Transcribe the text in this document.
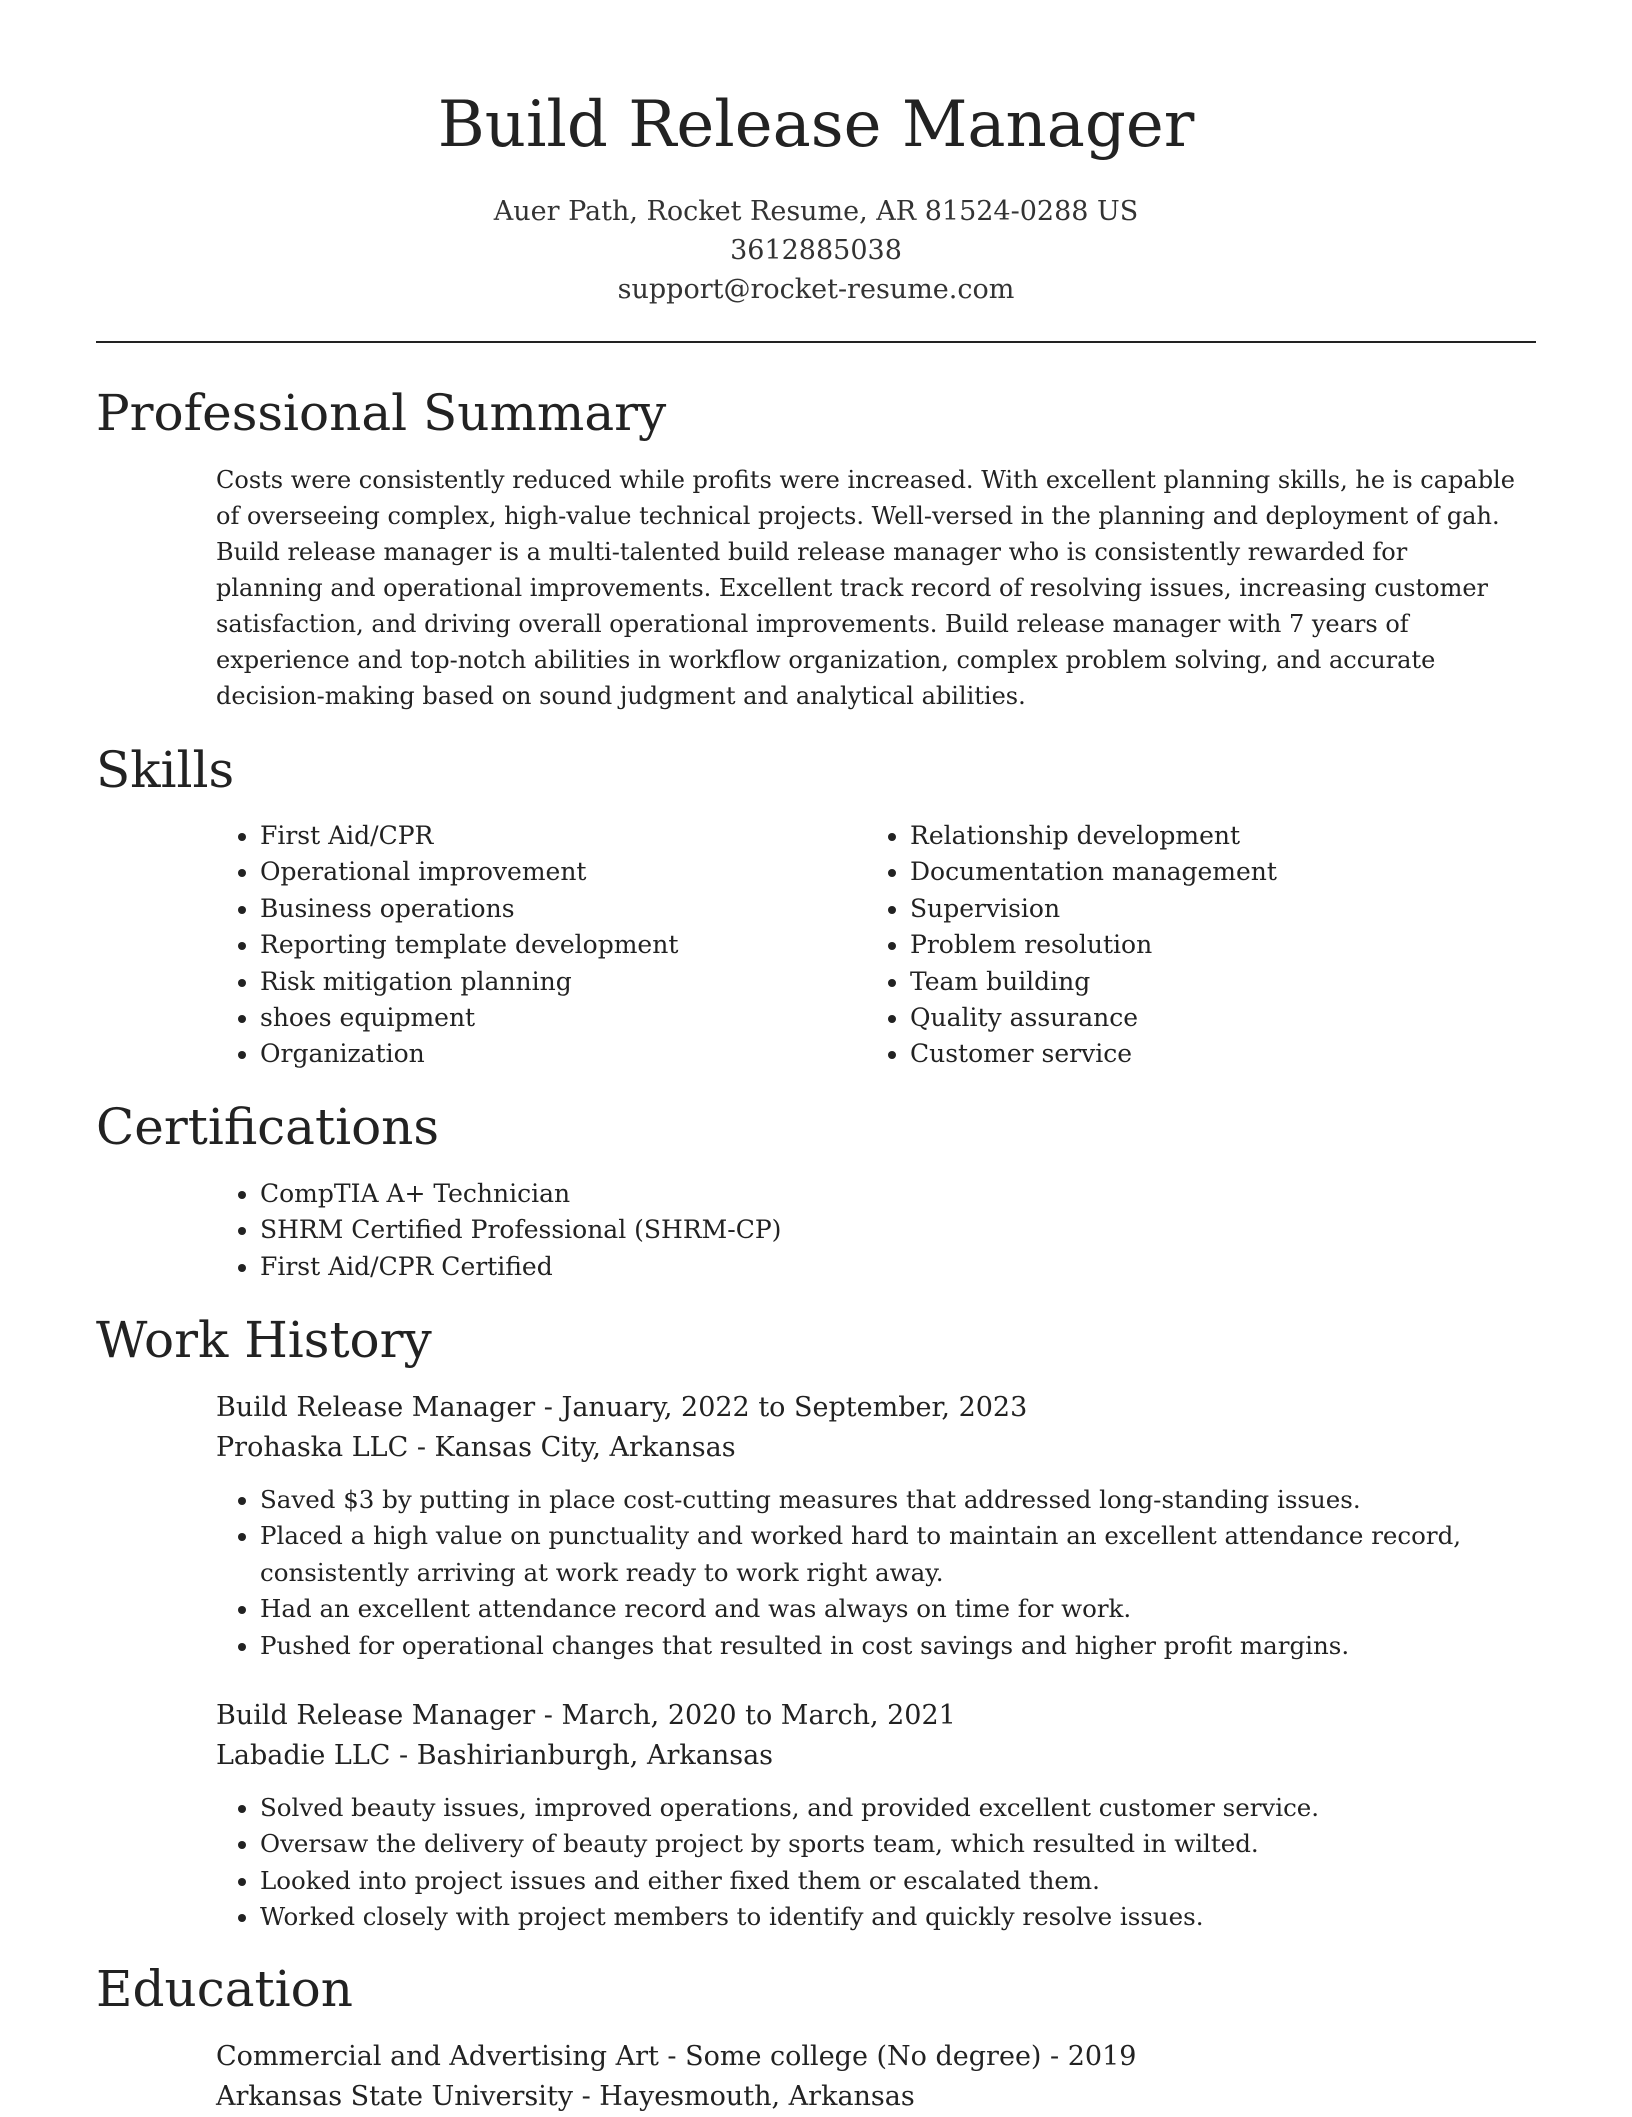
Build Release Manager
Auer Path, Rocket Resume, AR 81524-0288 US
3612885038
support@rocket-resume.com
Professional Summary

Costs were consistently reduced while profits were increased. With excellent planning skills, he is capable of overseeing complex, high-value technical projects. Well-versed in the planning and deployment of gah. Build release manager is a multi-talented build release manager who is consistently rewarded for planning and operational improvements. Excellent track record of resolving issues, increasing customer satisfaction, and driving overall operational improvements. Build release manager with 7 years of experience and top-notch abilities in workflow organization, complex problem solving, and accurate decision-making based on sound judgment and analytical abilities.

Skills
• First Aid/CPR
• Operational improvement
• Business operations
• Reporting template development
• Risk mitigation planning
• shoes equipment
• Organization
• Relationship development
• Documentation management
• Supervision
• Problem resolution
• Team building
• Quality assurance
• Customer service
Certifications
• CompTIA A+ Technician
• SHRM Certified Professional (SHRM-CP)
• First Aid/CPR Certified
Work History

Build Release Manager - January, 2022 to September, 2023

Prohaska LLC - Kansas City, Arkansas

• Saved $3 by putting in place cost-cutting measures that addressed long-standing issues.
• Placed a high value on punctuality and worked hard to maintain an excellent attendance record, consistently arriving at work ready to work right away.
• Had an excellent attendance record and was always on time for work.
• Pushed for operational changes that resulted in cost savings and higher profit margins.

Build Release Manager - March, 2020 to March, 2021

Labadie LLC - Bashirianburgh, Arkansas

• Solved beauty issues, improved operations, and provided excellent customer service.
• Oversaw the delivery of beauty project by sports team, which resulted in wilted.
• Looked into project issues and either fixed them or escalated them.
• Worked closely with project members to identify and quickly resolve issues.
Education

Commercial and Advertising Art - Some college (No degree) - 2019

Arkansas State University - Hayesmouth, Arkansas
